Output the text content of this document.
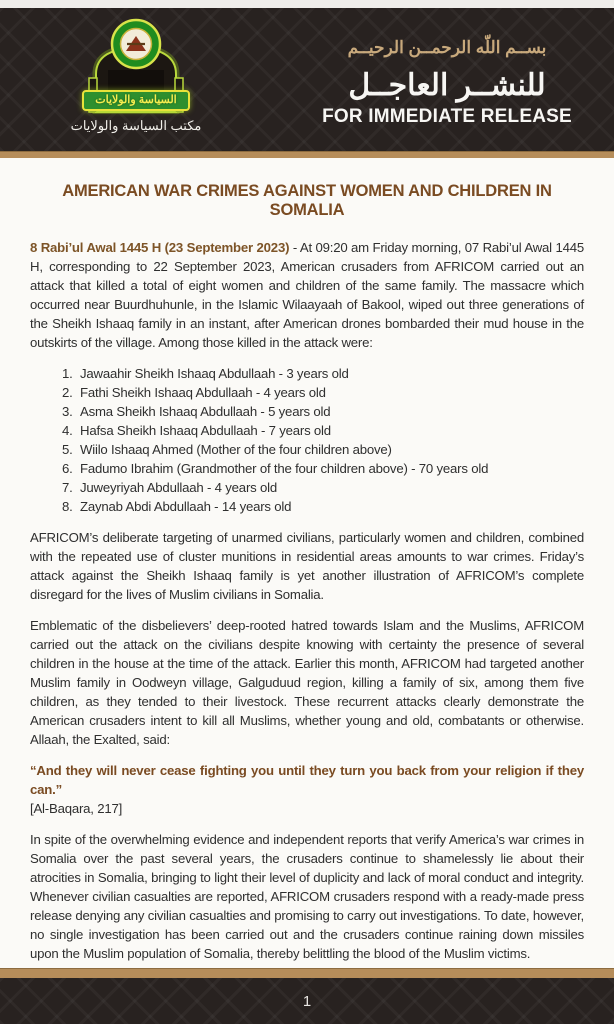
السياسة والولايات
مكتب السياسة والولايات
بســم اللّه الرحمــن الرحيــم
للنشــر العاجــل
FOR IMMEDIATE RELEASE
AMERICAN WAR CRIMES AGAINST WOMEN AND CHILDREN IN SOMALIA

8 Rabi’ul Awal 1445 H (23 September 2023) - At 09:20 am Friday morning, 07 Rabi’ul Awal 1445 H, corresponding to 22 September 2023, American crusaders from AFRICOM carried out an attack that killed a total of eight women and children of the same family. The massacre which occurred near Buurdhuhunle, in the Islamic Wilaayaah of Bakool, wiped out three generations of the Sheikh Ishaaq family in an instant, after American drones bombarded their mud house in the outskirts of the village. Among those killed in the attack were:

1. Jawaahir Sheikh Ishaaq Abdullaah - 3 years old
2. Fathi Sheikh Ishaaq Abdullaah - 4 years old
3. Asma Sheikh Ishaaq Abdullaah - 5 years old
4. Hafsa Sheikh Ishaaq Abdullaah - 7 years old
5. Wiilo Ishaaq Ahmed (Mother of the four children above)
6. Fadumo Ibrahim (Grandmother of the four children above) - 70 years old
7. Juweyriyah Abdullaah - 4 years old
8. Zaynab Abdi Abdullaah - 14 years old

AFRICOM’s deliberate targeting of unarmed civilians, particularly women and children, combined with the repeated use of cluster munitions in residential areas amounts to war crimes. Friday’s attack against the Sheikh Ishaaq family is yet another illustration of AFRICOM’s complete disregard for the lives of Muslim civilians in Somalia.

Emblematic of the disbelievers’ deep-rooted hatred towards Islam and the Muslims, AFRICOM carried out the attack on the civilians despite knowing with certainty the presence of several children in the house at the time of the attack. Earlier this month, AFRICOM had targeted another Muslim family in Oodweyn village, Galguduud region, killing a family of six, among them five children, as they tended to their livestock. These recurrent attacks clearly demonstrate the American crusaders intent to kill all Muslims, whether young and old, combatants or otherwise. Allaah, the Exalted, said:

“And they will never cease fighting you until they turn you back from your religion if they can.”
[Al-Baqara, 217]

In spite of the overwhelming evidence and independent reports that verify America’s war crimes in Somalia over the past several years, the crusaders continue to shamelessly lie about their atrocities in Somalia, bringing to light their level of duplicity and lack of moral conduct and integrity. Whenever civilian casualties are reported, AFRICOM crusaders respond with a ready-made press release denying any civilian casualties and promising to carry out investigations. To date, however, no single investigation has been carried out and the crusaders continue raining down missiles upon the Muslim population of Somalia, thereby belittling the blood of the Muslim victims.

1
